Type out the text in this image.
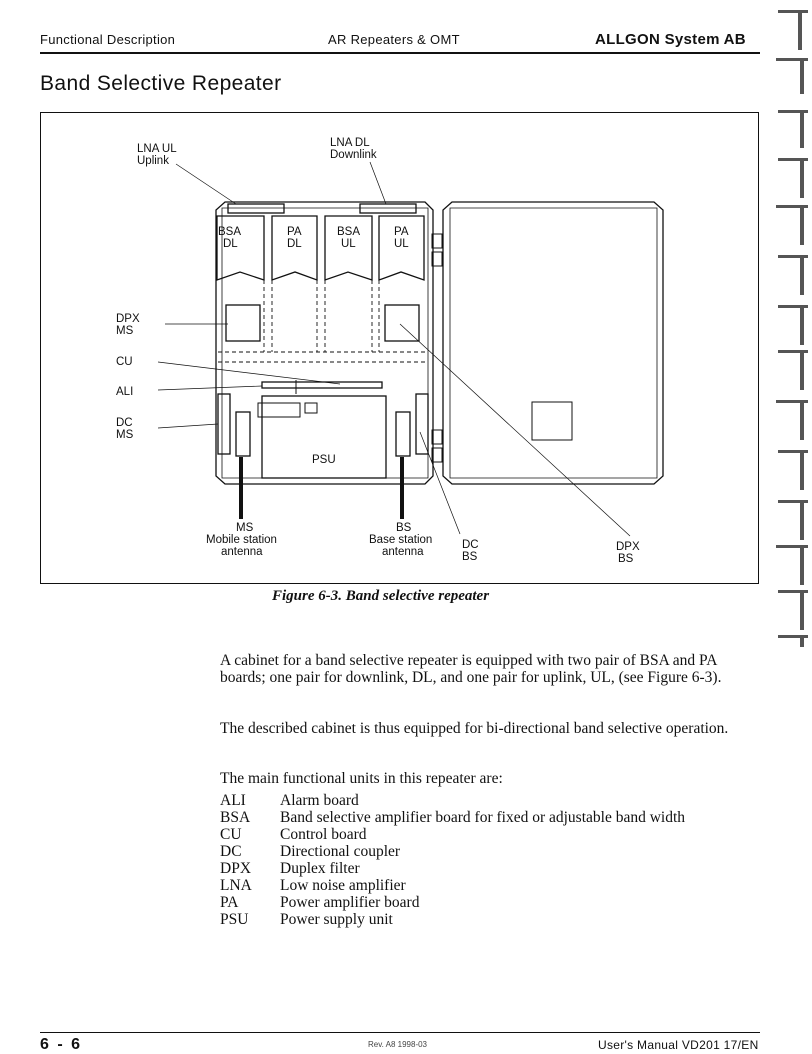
Functional Description	AR Repeaters & OMT	ALLGON System AB
Band Selective Repeater
LNA UL
Uplink
LNA DL
Downlink
BSA
DL
PA
DL
BSA
UL
PA
UL
DPX
MS
CU
ALI
DC
MS
PSU
MS
Mobile station
antenna
BS
Base station
antenna
DC
BS
DPX
BS
Figure 6-3. Band selective repeater

A cabinet for a band selective repeater is equipped with two pair of BSA and PA boards; one pair for downlink, DL, and one pair for uplink, UL, (see Figure 6-3).

The described cabinet is thus equipped for bi-directional band selective operation.

The main functional units in this repeater are:

ALI Alarm board
BSA Band selective amplifier board for fixed or adjustable band width
CU Control board
DC Directional coupler
DPX Duplex filter
LNA Low noise amplifier
PA	Power amplifier board
PSU Power supply unit
6 - 6	Rev. A8 1998-03	User's Manual VD201 17/EN
